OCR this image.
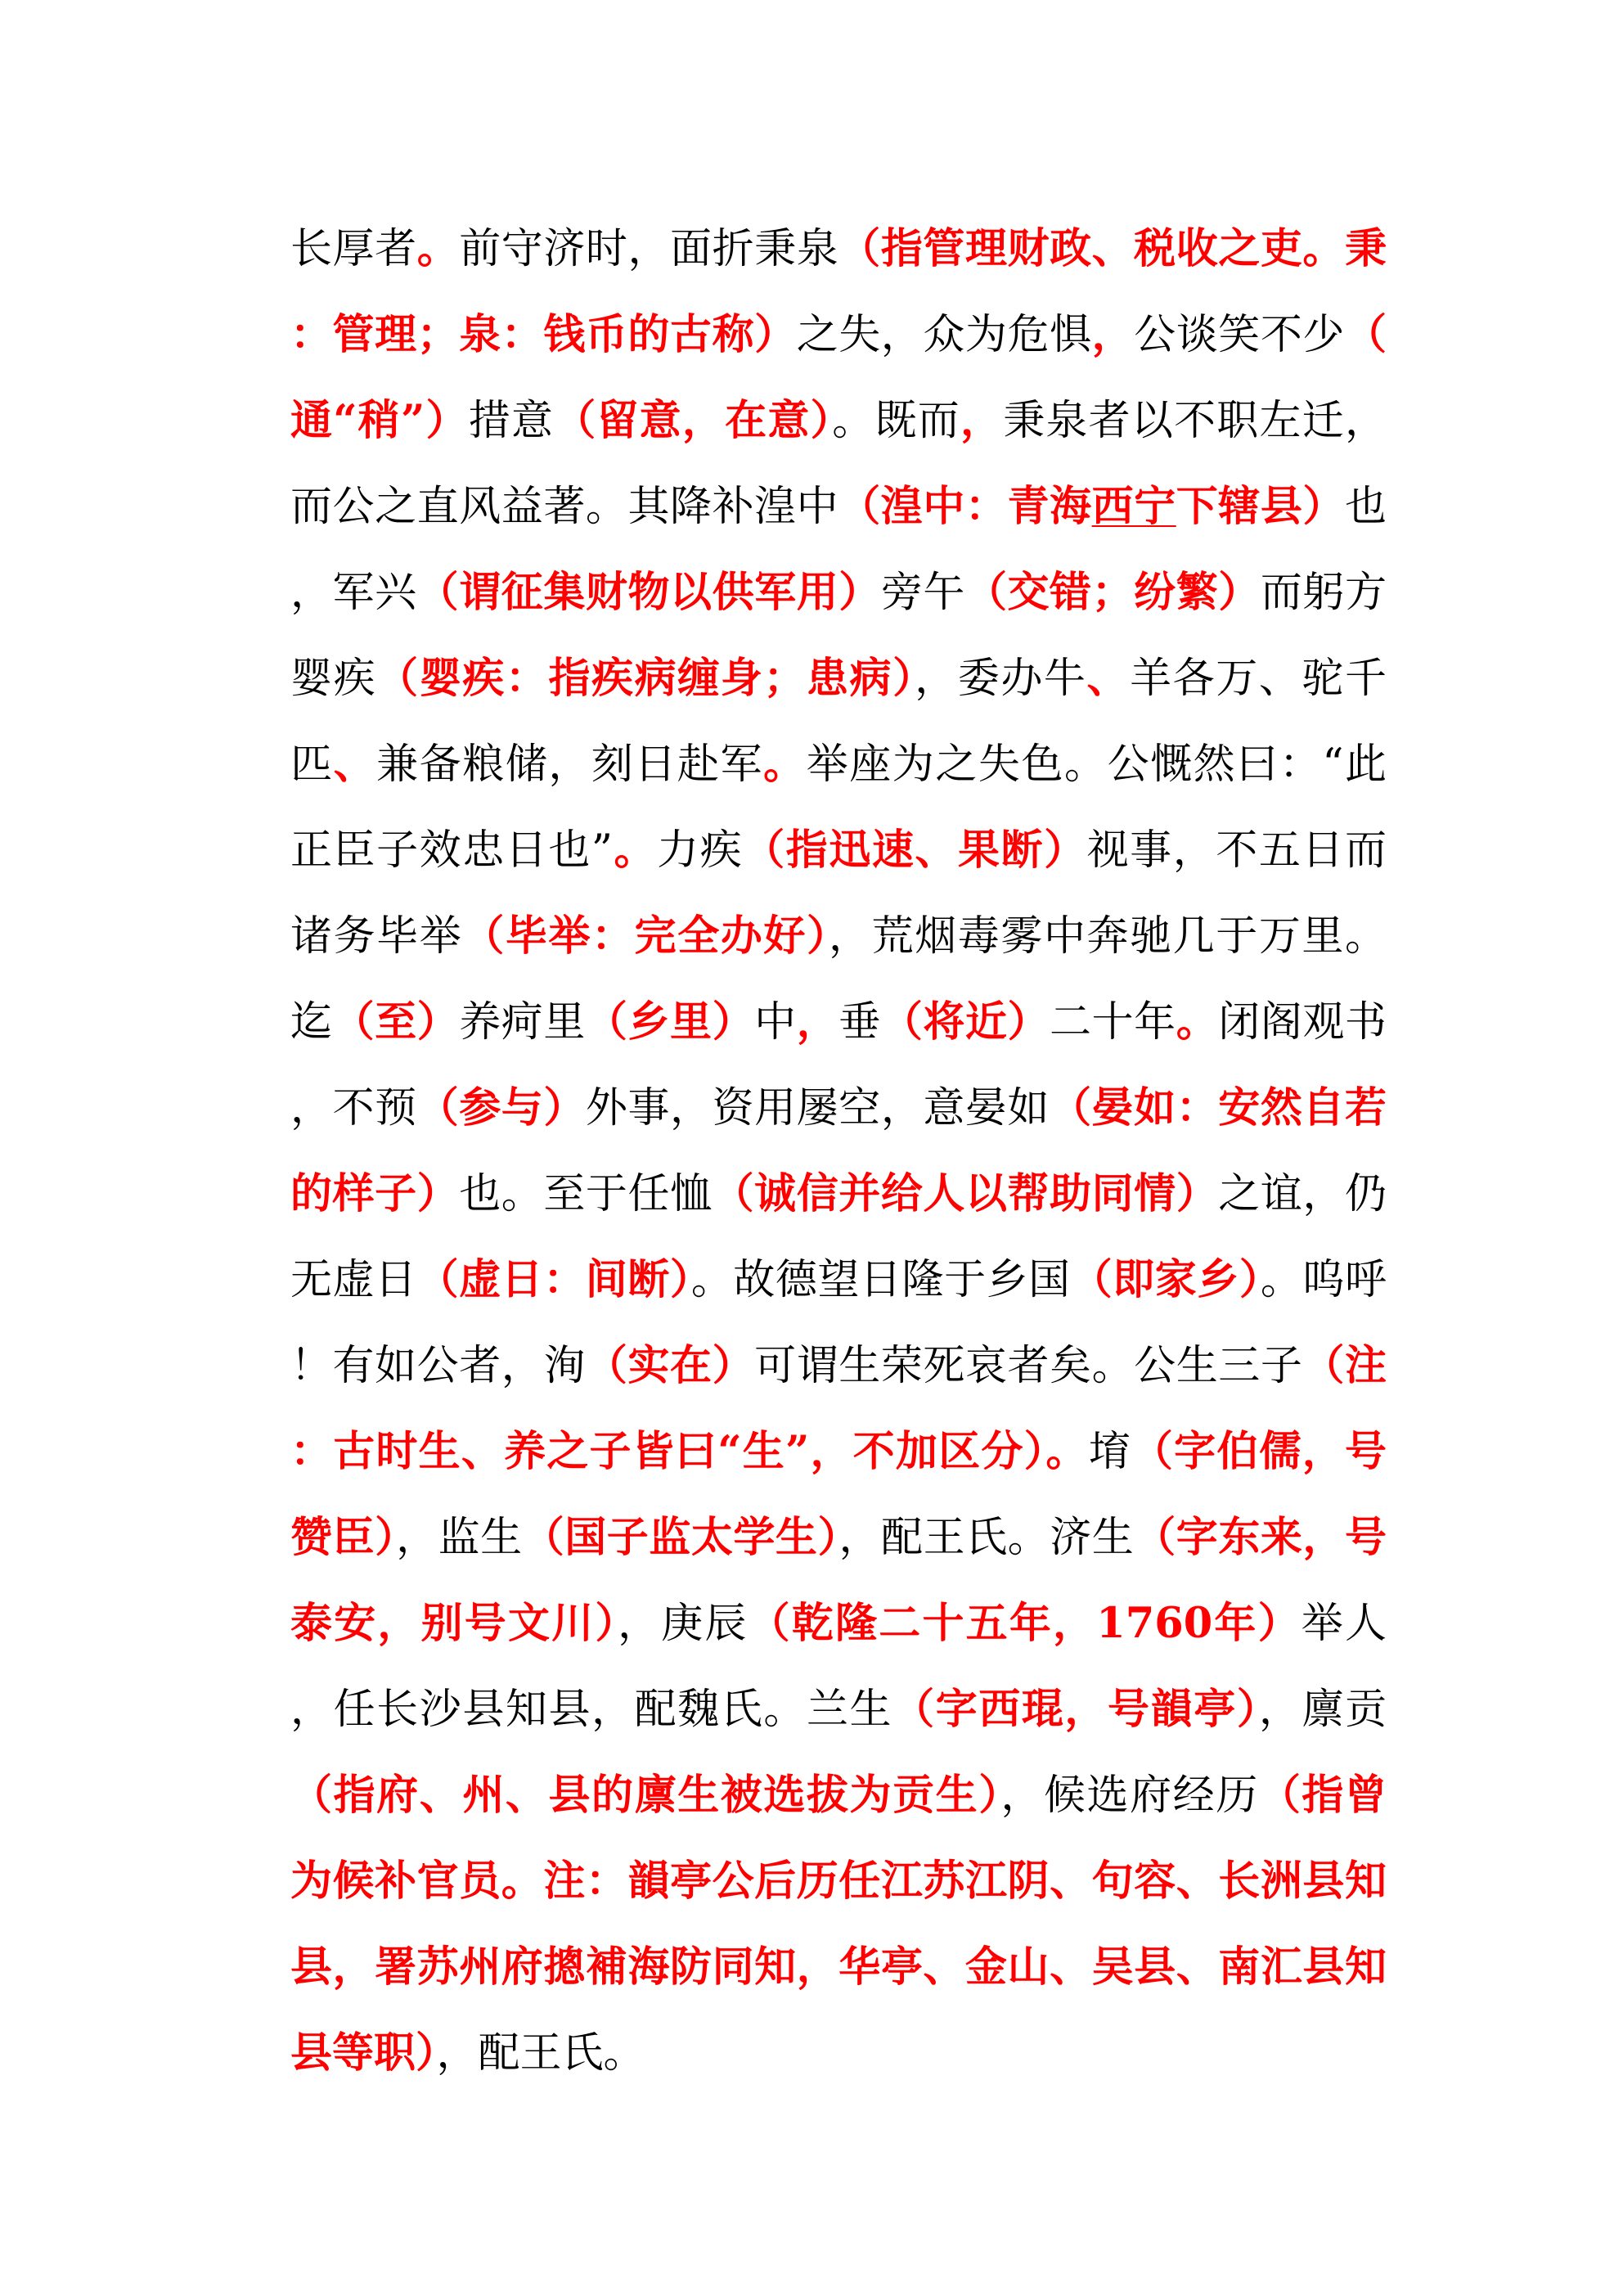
长厚者。前守济时，面折秉泉（指管理财政、税收之吏。秉：管理；泉：钱币的古称）之失，众为危惧，公谈笑不少（通“稍”）措意（留意，在意）。既而，秉泉者以不职左迁，而公之直风益著。其降补湟中（湟中：青海西宁下辖县）也，军兴（谓征集财物以供军用）旁午（交错；纷繁）而躬方婴疾（婴疾：指疾病缠身；患病），委办牛、羊各万、驼千匹、兼备粮储，刻日赴军。举座为之失色。公慨然曰：“此正臣子效忠日也”。力疾（指迅速、果断）视事，不五日而诸务毕举（毕举：完全办好），荒烟毒雾中奔驰几于万里。迄（至）养疴里（乡里）中，垂（将近）二十年。闭阁观书，不预（参与）外事，资用屡空，意晏如（晏如：安然自若的样子）也。至于任恤（诚信并给人以帮助同情）之谊，仍无虚日（虚日：间断）。故德望日隆于乡国（即家乡）。呜呼！有如公者，洵（实在）可谓生荣死哀者矣。公生三子（注：古时生、养之子皆曰“生”，不加区分）。堉（字伯儒，号赞臣），监生（国子监太学生），配王氏。济生（字东来，号泰安，别号文川），庚辰（乾隆二十五年，1760年）举人，任长沙县知县，配魏氏。兰生（字西琨，号韻亭），廪贡（指府、州、县的廪生被选拔为贡生），候选府经历（指曾为候补官员。注：韻亭公后历任江苏江阴、句容、长洲县知县，署苏州府摠補海防同知，华亭、金山、吴县、南汇县知县等职），配王氏。
